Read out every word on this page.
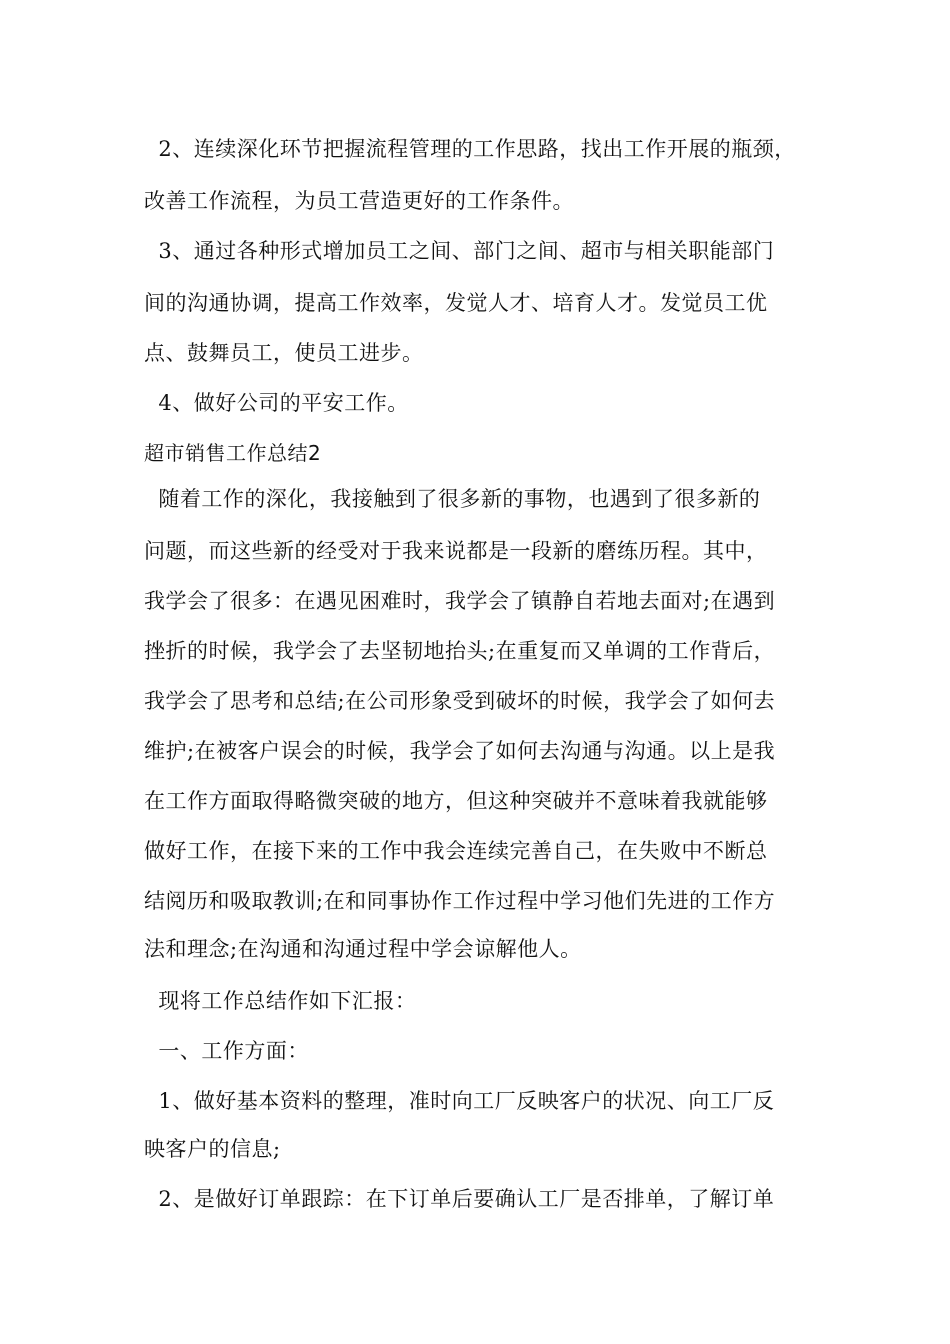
2、连续深化环节把握流程管理的工作思路，找出工作开展的瓶颈，
改善工作流程，为员工营造更好的工作条件。
3、通过各种形式增加员工之间、部门之间、超市与相关职能部门
间的沟通协调，提高工作效率，发觉人才、培育人才。发觉员工优
点、鼓舞员工，使员工进步。
4、做好公司的平安工作。
超市销售工作总结2
随着工作的深化，我接触到了很多新的事物，也遇到了很多新的
问题，而这些新的经受对于我来说都是一段新的磨练历程。其中，
我学会了很多：在遇见困难时，我学会了镇静自若地去面对;在遇到
挫折的时候，我学会了去坚韧地抬头;在重复而又单调的工作背后，
我学会了思考和总结;在公司形象受到破坏的时候，我学会了如何去
维护;在被客户误会的时候，我学会了如何去沟通与沟通。以上是我
在工作方面取得略微突破的地方，但这种突破并不意味着我就能够
做好工作，在接下来的工作中我会连续完善自己，在失败中不断总
结阅历和吸取教训;在和同事协作工作过程中学习他们先进的工作方
法和理念;在沟通和沟通过程中学会谅解他人。
现将工作总结作如下汇报：
一、工作方面：
1、做好基本资料的整理，准时向工厂反映客户的状况、向工厂反
映客户的信息;
2、是做好订单跟踪：在下订单后要确认工厂是否排单，了解订单
